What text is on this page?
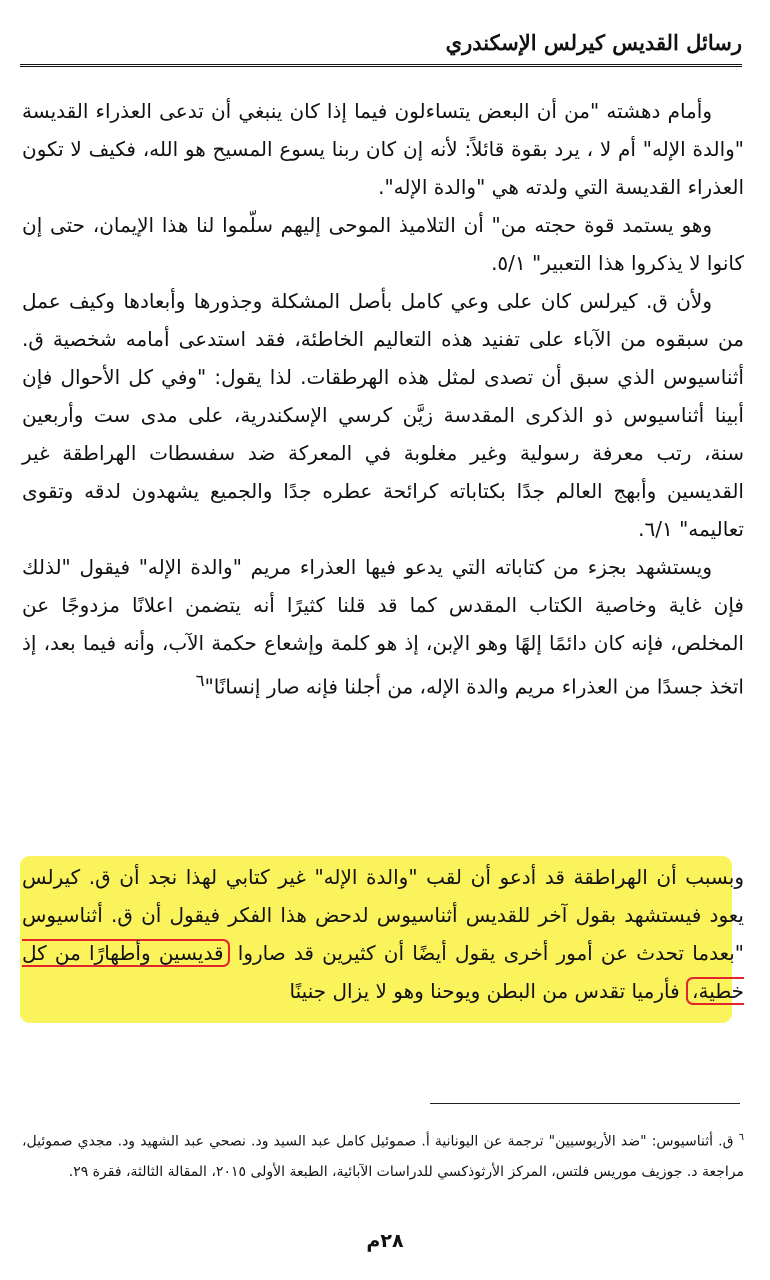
رسائل القديس كيرلس الإسكندري

وأمام دهشته "من أن البعض يتساءلون فيما إذا كان ينبغي أن تدعى العذراء القديسة "والدة الإله" أم لا ، يرد بقوة قائلاً: لأنه إن كان ربنا يسوع المسيح هو الله، فكيف لا تكون العذراء القديسة التي ولدته هي "والدة الإله".

وهو يستمد قوة حجته من" أن التلاميذ الموحى إليهم سلّموا لنا هذا الإيمان، حتى إن كانوا لا يذكروا هذا التعبير" ٥/١.

ولأن ق. كيرلس كان على وعي كامل بأصل المشكلة وجذورها وأبعادها وكيف عمل من سبقوه من الآباء على تفنيد هذه التعاليم الخاطئة، فقد استدعى أمامه شخصية ق. أثناسيوس الذي سبق أن تصدى لمثل هذه الهرطقات. لذا يقول: "وفي كل الأحوال فإن أبينا أثناسيوس ذو الذكرى المقدسة زيَّن كرسي الإسكندرية، على مدى ست وأربعين سنة، رتب معرفة رسولية وغير مغلوبة في المعركة ضد سفسطات الهراطقة غير القديسين وأبهج العالم جدًا بكتاباته كرائحة عطره جدًا والجميع يشهدون لدقه وتقوى تعاليمه" ٦/١.

ويستشهد بجزء من كتاباته التي يدعو فيها العذراء مريم "والدة الإله" فيقول "لذلك فإن غاية وخاصية الكتاب المقدس كما قد قلنا كثيرًا أنه يتضمن اعلانًا مزدوجًا عن المخلص، فإنه كان دائمًا إلهًا وهو الإبن، إذ هو كلمة وإشعاع حكمة الآب، وأنه فيما بعد، إذ اتخذ جسدًا من العذراء مريم والدة الإله، من أجلنا فإنه صار إنسانًا"$^٦$

وبسبب أن الهراطقة قد أدعو أن لقب "والدة الإله" غير كتابي لهذا نجد أن ق. كيرلس يعود فيستشهد بقول آخر للقديس أثناسيوس لدحض هذا الفكر فيقول أن ق. أثناسيوس "بعدما تحدث عن أمور أخرى يقول أيضًا أن كثيرين قد صاروا قديسين وأطهارًا من كل خطية، فأرميا تقدس من البطن ويوحنا وهو لا يزال جنينًا

$^٦$ ق. أثناسيوس: "ضد الأريوسيين" ترجمة عن اليونانية أ. صموئيل كامل عبد السيد ود. نصحي عبد الشهيد ود. مجدي صموئيل، مراجعة د. جوزيف موريس فلتس، المركز الأرثوذكسي للدراسات الآبائية، الطبعة الأولى ٢٠١٥، المقالة الثالثة، فقرة ٢٩.

٢٨م
